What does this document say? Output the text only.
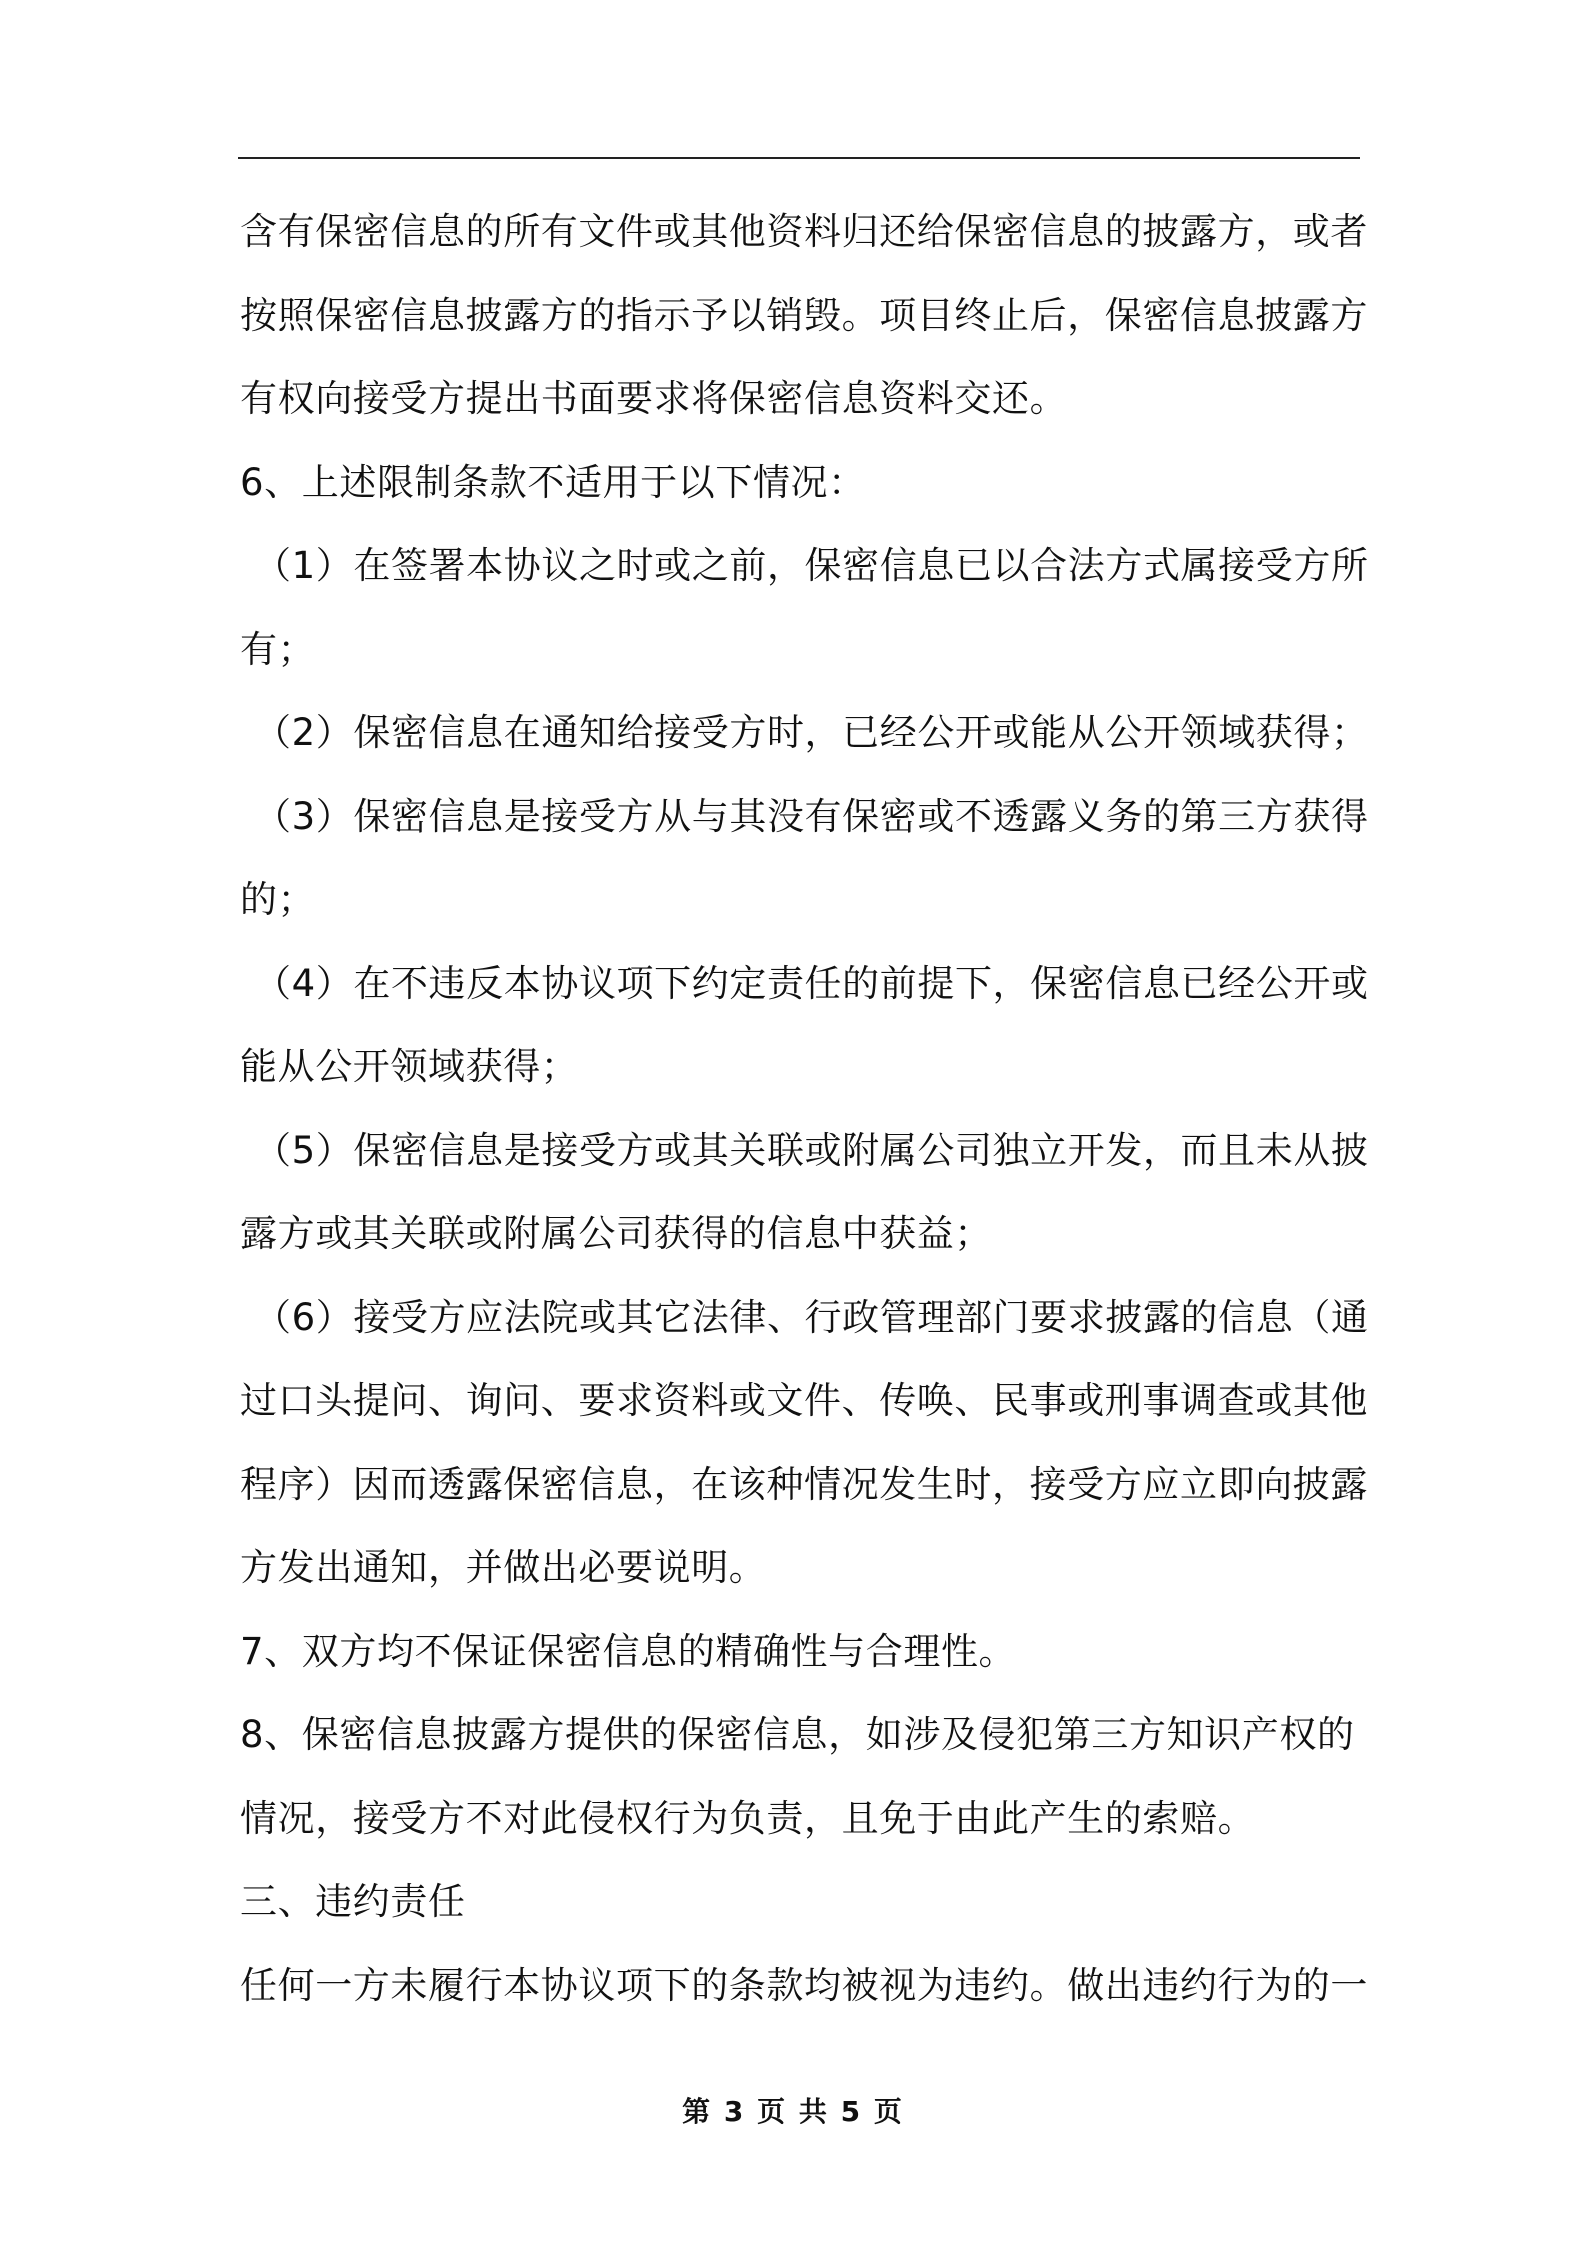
含有保密信息的所有文件或其他资料归还给保密信息的披露方，或者
按照保密信息披露方的指示予以销毁。项目终止后，保密信息披露方
有权向接受方提出书面要求将保密信息资料交还。
6、上述限制条款不适用于以下情况：
（1）在签署本协议之时或之前，保密信息已以合法方式属接受方所
有；
（2）保密信息在通知给接受方时，已经公开或能从公开领域获得；
（3）保密信息是接受方从与其没有保密或不透露义务的第三方获得
的；
（4）在不违反本协议项下约定责任的前提下，保密信息已经公开或
能从公开领域获得；
（5）保密信息是接受方或其关联或附属公司独立开发，而且未从披
露方或其关联或附属公司获得的信息中获益；
（6）接受方应法院或其它法律、行政管理部门要求披露的信息（通
过口头提问、询问、要求资料或文件、传唤、民事或刑事调查或其他
程序）因而透露保密信息，在该种情况发生时，接受方应立即向披露
方发出通知，并做出必要说明。
7、双方均不保证保密信息的精确性与合理性。
8、保密信息披露方提供的保密信息，如涉及侵犯第三方知识产权的
情况，接受方不对此侵权行为负责，且免于由此产生的索赔。
三、违约责任
任何一方未履行本协议项下的条款均被视为违约。做出违约行为的一
第 3 页 共 5 页
